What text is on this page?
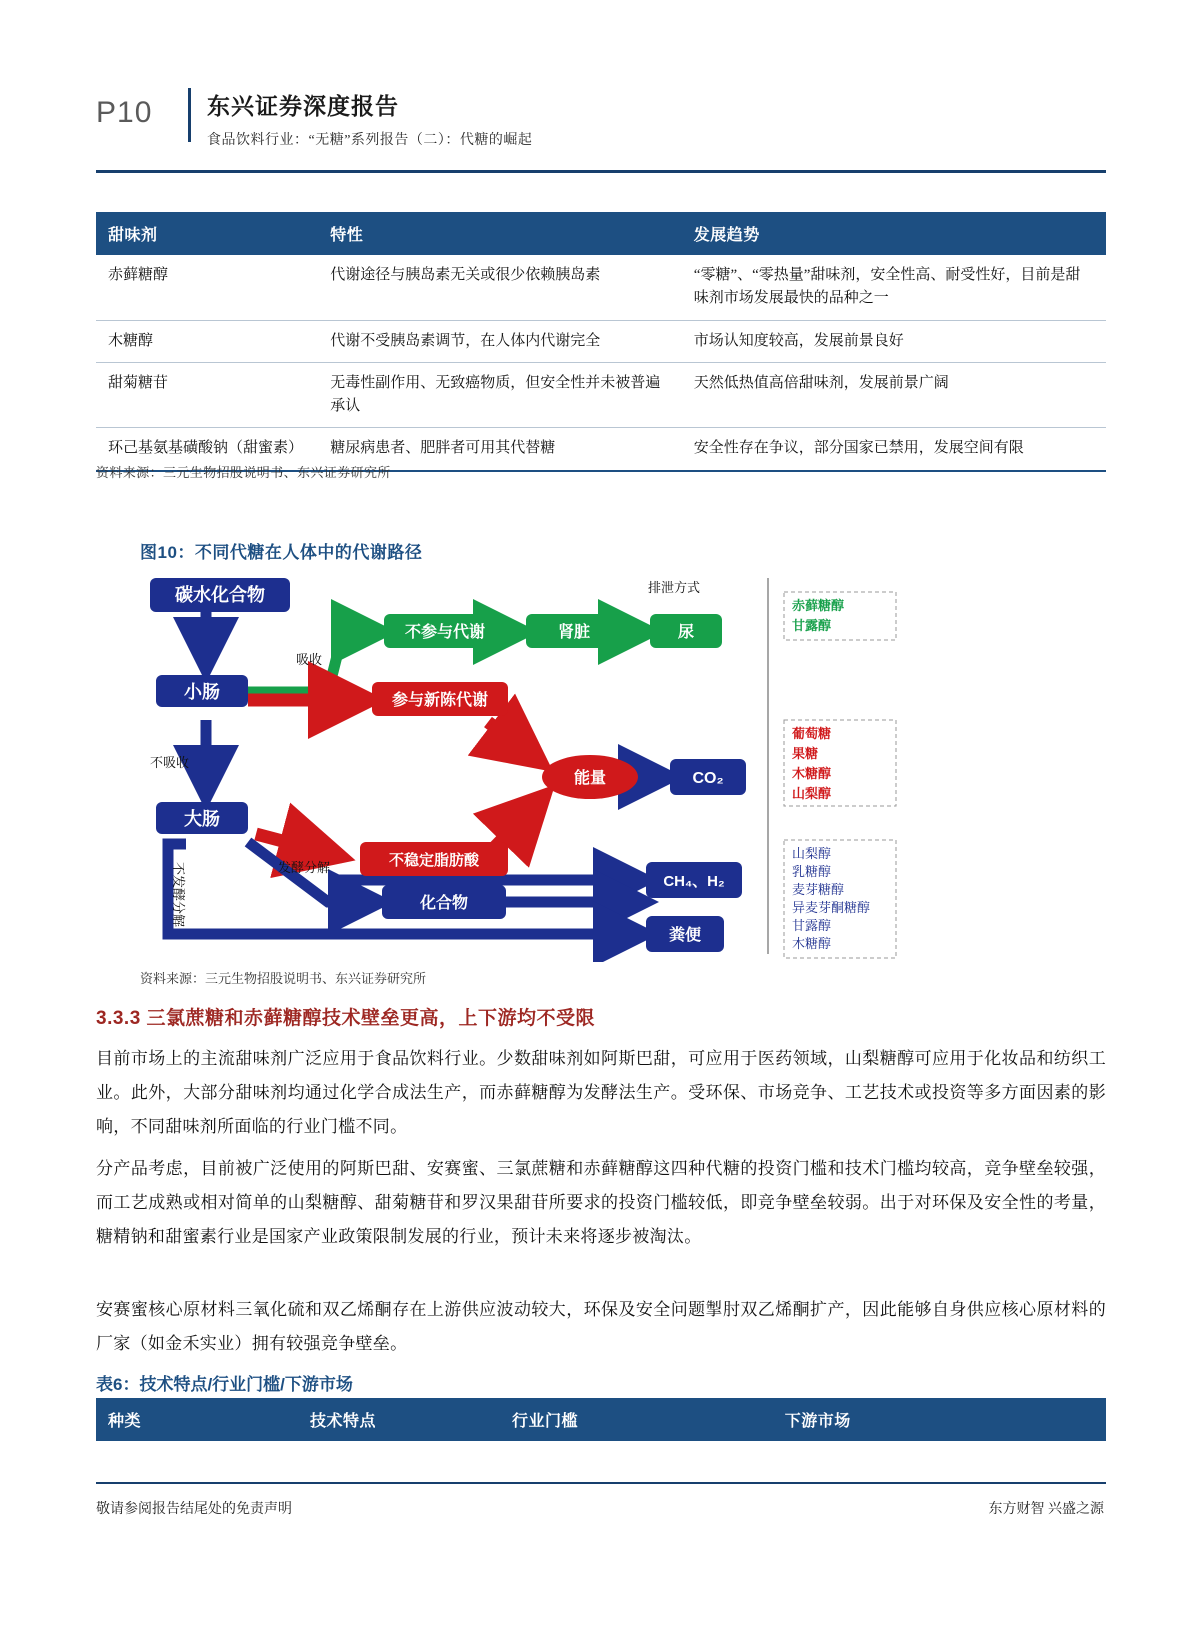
P10	东兴证券深度报告
食品饮料行业：“无糖”系列报告（二）：代糖的崛起
甜味剂	特性	发展趋势
赤藓糖醇	代谢途径与胰岛素无关或很少依赖胰岛素	“零糖”、“零热量”甜味剂，安全性高、耐受性好，目前是甜味剂市场发展最快的品种之一
木糖醇	代谢不受胰岛素调节，在人体内代谢完全	市场认知度较高，发展前景良好
甜菊糖苷	无毒性副作用、无致癌物质，但安全性并未被普遍承认	天然低热值高倍甜味剂，发展前景广阔
环己基氨基磺酸钠（甜蜜素）	糖尿病患者、肥胖者可用其代替糖	安全性存在争议，部分国家已禁用，发展空间有限
资料来源：三元生物招股说明书、东兴证券研究所
图10：不同代糖在人体中的代谢路径
碳水化合物
小肠
大肠
不参与代谢	肾脏	尿
参与新陈代谢
能量	CO₂
不稳定脂肪酸
化合物
CH₄、H₂
粪便
排泄方式
吸收
不吸收
发酵分解
不发酵分解
赤藓糖醇
甘露醇
葡萄糖
果糖
木糖醇
山梨醇
山梨醇
乳糖醇
麦芽糖醇
异麦芽酮糖醇
甘露醇
木糖醇
资料来源：三元生物招股说明书、东兴证券研究所
3.3.3 三氯蔗糖和赤藓糖醇技术壁垒更高，上下游均不受限
目前市场上的主流甜味剂广泛应用于食品饮料行业。少数甜味剂如阿斯巴甜，可应用于医药领域，山梨糖醇可应用于化妆品和纺织工业。此外，大部分甜味剂均通过化学合成法生产，而赤藓糖醇为发酵法生产。受环保、市场竞争、工艺技术或投资等多方面因素的影响，不同甜味剂所面临的行业门槛不同。
分产品考虑，目前被广泛使用的阿斯巴甜、安赛蜜、三氯蔗糖和赤藓糖醇这四种代糖的投资门槛和技术门槛均较高，竞争壁垒较强，而工艺成熟或相对简单的山梨糖醇、甜菊糖苷和罗汉果甜苷所要求的投资门槛较低，即竞争壁垒较弱。出于对环保及安全性的考量，糖精钠和甜蜜素行业是国家产业政策限制发展的行业，预计未来将逐步被淘汰。
安赛蜜核心原材料三氧化硫和双乙烯酮存在上游供应波动较大，环保及安全问题掣肘双乙烯酮扩产，因此能够自身供应核心原材料的厂家（如金禾实业）拥有较强竞争壁垒。
表6：技术特点/行业门槛/下游市场
种类	技术特点	行业门槛	下游市场
敬请参阅报告结尾处的免责声明	东方财智 兴盛之源
